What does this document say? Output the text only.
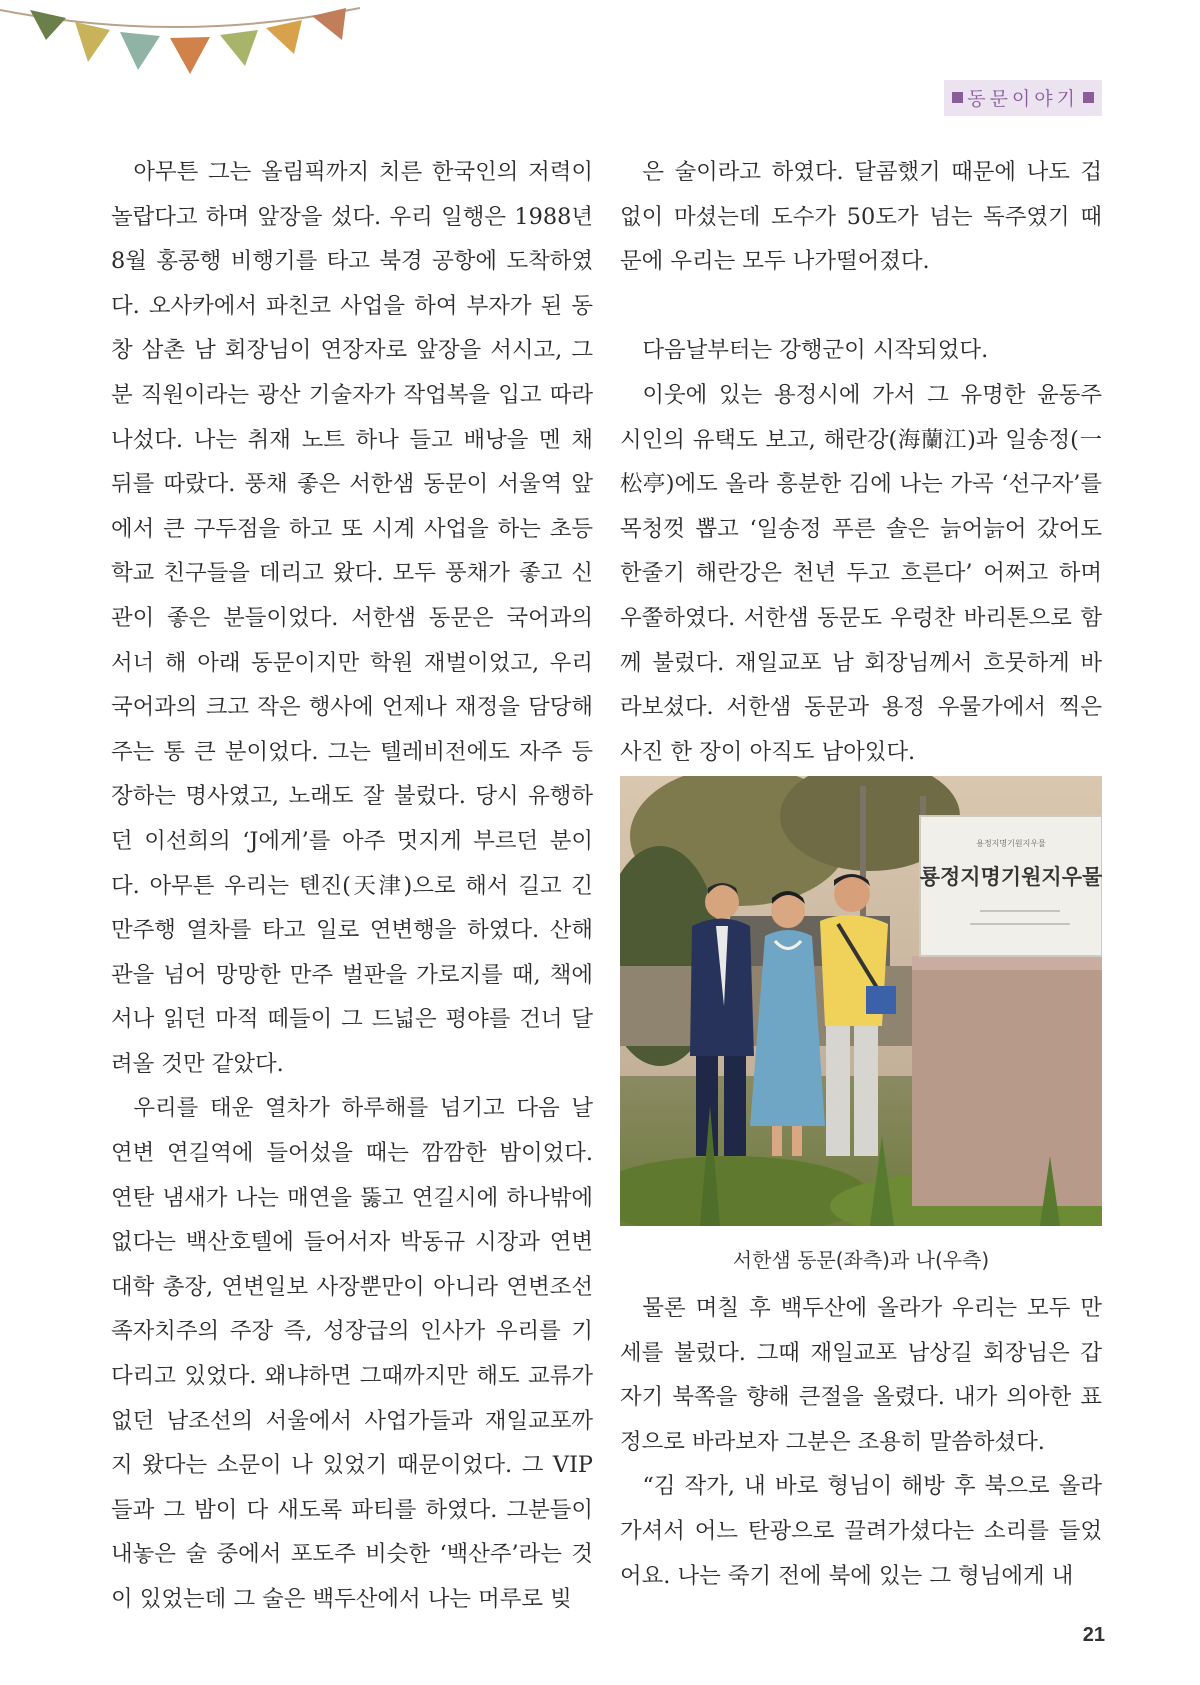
동문이야기

아무튼 그는 올림픽까지 치른 한국인의 저력이 놀랍다고 하며 앞장을 섰다. 우리 일행은 1988년 8월 홍콩행 비행기를 타고 북경 공항에 도착하였다. 오사카에서 파친코 사업을 하여 부자가 된 동창 삼촌 남 회장님이 연장자로 앞장을 서시고, 그분 직원이라는 광산 기술자가 작업복을 입고 따라 나섰다. 나는 취재 노트 하나 들고 배낭을 멘 채 뒤를 따랐다. 풍채 좋은 서한샘 동문이 서울역 앞에서 큰 구두점을 하고 또 시계 사업을 하는 초등학교 친구들을 데리고 왔다. 모두 풍채가 좋고 신관이 좋은 분들이었다. 서한샘 동문은 국어과의 서너 해 아래 동문이지만 학원 재벌이었고, 우리 국어과의 크고 작은 행사에 언제나 재정을 담당해 주는 통 큰 분이었다. 그는 텔레비전에도 자주 등장하는 명사였고, 노래도 잘 불렀다. 당시 유행하던 이선희의 ‘J에게’를 아주 멋지게 부르던 분이다. 아무튼 우리는 톈진(天津)으로 해서 길고 긴 만주행 열차를 타고 일로 연변행을 하였다. 산해관을 넘어 망망한 만주 벌판을 가로지를 때, 책에서나 읽던 마적 떼들이 그 드넓은 평야를 건너 달려올 것만 같았다.

우리를 태운 열차가 하루해를 넘기고 다음 날 연변 연길역에 들어섰을 때는 깜깜한 밤이었다. 연탄 냄새가 나는 매연을 뚫고 연길시에 하나밖에 없다는 백산호텔에 들어서자 박동규 시장과 연변대학 총장, 연변일보 사장뿐만이 아니라 연변조선족자치주의 주장 즉, 성장급의 인사가 우리를 기다리고 있었다. 왜냐하면 그때까지만 해도 교류가 없던 남조선의 서울에서 사업가들과 재일교포까지 왔다는 소문이 나 있었기 때문이었다. 그 VIP들과 그 밤이 다 새도록 파티를 하였다. 그분들이 내놓은 술 중에서 포도주 비슷한 ‘백산주’라는 것이 있었는데 그 술은 백두산에서 나는 머루로 빚

은 술이라고 하였다. 달콤했기 때문에 나도 겁 없이 마셨는데 도수가 50도가 넘는 독주였기 때문에 우리는 모두 나가떨어졌다.

다음날부터는 강행군이 시작되었다.

이웃에 있는 용정시에 가서 그 유명한 윤동주 시인의 유택도 보고, 해란강(海蘭江)과 일송정(一松亭)에도 올라 흥분한 김에 나는 가곡 ‘선구자’를 목청껏 뽑고 ‘일송정 푸른 솔은 늙어늙어 갔어도 한줄기 해란강은 천년 두고 흐른다’ 어쩌고 하며 우쭐하였다. 서한샘 동문도 우렁찬 바리톤으로 함께 불렀다. 재일교포 남 회장님께서 흐뭇하게 바라보셨다. 서한샘 동문과 용정 우물가에서 찍은 사진 한 장이 아직도 남아있다.

용정지명기원지우물
룡정지명기원지우물
서한샘 동문(좌측)과 나(우측)

물론 며칠 후 백두산에 올라가 우리는 모두 만세를 불렀다. 그때 재일교포 남상길 회장님은 갑자기 북쪽을 향해 큰절을 올렸다. 내가 의아한 표정으로 바라보자 그분은 조용히 말씀하셨다.

“김 작가, 내 바로 형님이 해방 후 북으로 올라가셔서 어느 탄광으로 끌려가셨다는 소리를 들었어요. 나는 죽기 전에 북에 있는 그 형님에게 내

21
